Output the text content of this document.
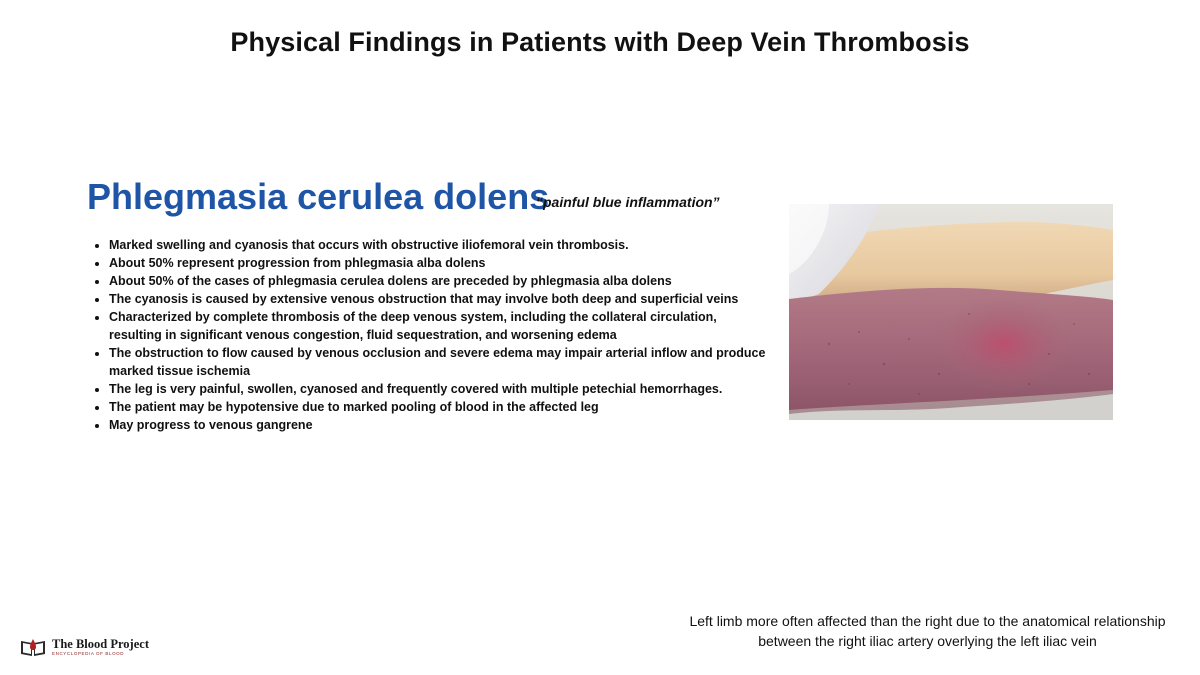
Physical Findings in Patients with Deep Vein Thrombosis
Phlegmasia cerulea dolens
“painful blue inflammation”
• Marked swelling and cyanosis that occurs with obstructive iliofemoral vein thrombosis.
• About 50% represent progression from phlegmasia alba dolens
• About 50% of the cases of phlegmasia cerulea dolens are preceded by phlegmasia alba dolens
• The cyanosis is caused by extensive venous obstruction that may involve both deep and superficial veins
• Characterized by complete thrombosis of the deep venous system, including the collateral circulation, resulting in significant venous congestion, fluid sequestration, and worsening edema
• The obstruction to flow caused by venous occlusion and severe edema may impair arterial inflow and produce marked tissue ischemia
• The leg is very painful, swollen, cyanosed and frequently covered with multiple petechial hemorrhages.
• The patient may be hypotensive due to marked pooling of blood in the affected leg
• May progress to venous gangrene
Left limb more often affected than the right due to the anatomical relationship
between the right iliac artery overlying the left iliac vein
The Blood Project
ENCYCLOPEDIA OF BLOOD
